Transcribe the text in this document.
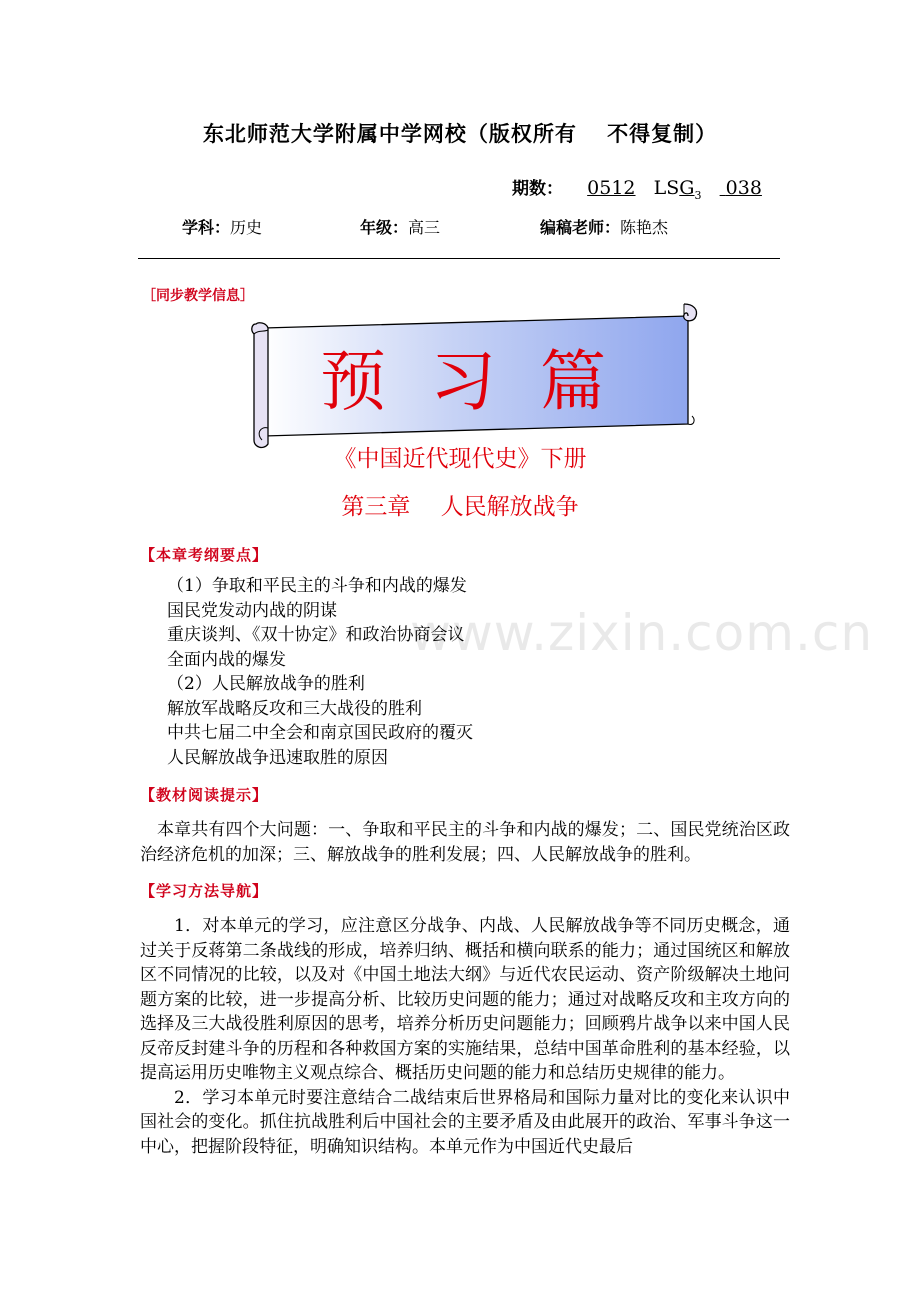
东北师范大学附属中学网校（版权所有　 不得复制）
期数： 0512 $LSG_3$ 038
学科：历史	年级：高三	编稿老师：陈艳杰
［同步教学信息］
预习篇
《中国近代现代史》下册
第三章　 人民解放战争
www.zixin.com.cn
【本章考纲要点】
（1）争取和平民主的斗争和内战的爆发
国民党发动内战的阴谋
重庆谈判、《双十协定》和政治协商会议
全面内战的爆发
（2）人民解放战争的胜利
解放军战略反攻和三大战役的胜利
中共七届二中全会和南京国民政府的覆灭
人民解放战争迅速取胜的原因
【教材阅读提示】

本章共有四个大问题：一、争取和平民主的斗争和内战的爆发；二、国民党统治区政治经济危机的加深；三、解放战争的胜利发展；四、人民解放战争的胜利。

【学习方法导航】

1．对本单元的学习，应注意区分战争、内战、人民解放战争等不同历史概念，通过关于反蒋第二条战线的形成，培养归纳、概括和横向联系的能力；通过国统区和解放区不同情况的比较，以及对《中国土地法大纲》与近代农民运动、资产阶级解决土地问题方案的比较，进一步提高分析、比较历史问题的能力；通过对战略反攻和主攻方向的选择及三大战役胜利原因的思考，培养分析历史问题能力；回顾鸦片战争以来中国人民反帝反封建斗争的历程和各种救国方案的实施结果，总结中国革命胜利的基本经验，以提高运用历史唯物主义观点综合、概括历史问题的能力和总结历史规律的能力。

2．学习本单元时要注意结合二战结束后世界格局和国际力量对比的变化来认识中国社会的变化。抓住抗战胜利后中国社会的主要矛盾及由此展开的政治、军事斗争这一中心，把握阶段特征，明确知识结构。本单元作为中国近代史最后
